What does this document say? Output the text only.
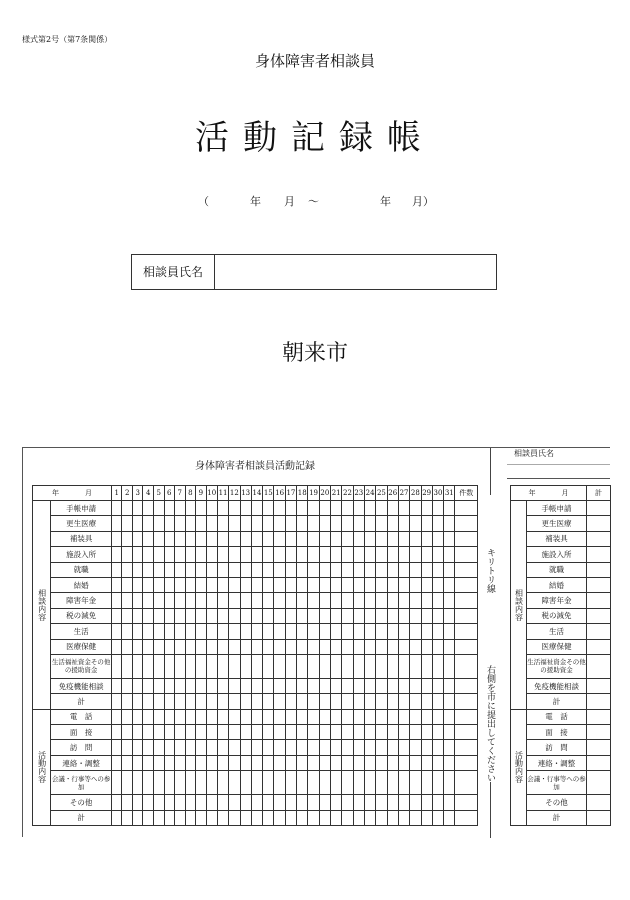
様式第2号（第7条関係）
身体障害者相談員
活動記録帳
（	年 月 ～	年 月）
相談員氏名
朝来市
身体障害者相談員活動記録
キリトリ線
右側を市に提出してください
相談員氏名
年 月		1	2	3	4	5	6	7	8	9	10	11	12	13	14	15	16	17	18	19	20	21	22	23	24	25	26	27	28	29	30	31	件数
相談内容	手帳申請																																
	更生医療																																
	補装具																																
	施設入所																																
	就職																																
	結婚																																
	障害年金																																
	税の減免																																
	生活																																
	医療保健																																
	生活福祉資金その他の援助資金																																
	免疫機能相談																																
	計																																
活動内容	電　話																																
	面　接																																
	訪　問																																
	連絡・調整																																
	会議・行事等への参加																																
	その他																																
	計																																
年 月		計
相談内容	手帳申請	
	更生医療	
	補装具	
	施設入所	
	就職	
	結婚	
	障害年金	
	税の減免	
	生活	
	医療保健	
	生活福祉資金その他の援助資金	
	免疫機能相談	
	計	
活動内容	電　話	
	面　接	
	訪　問	
	連絡・調整	
	会議・行事等への参加	
	その他	
	計	
